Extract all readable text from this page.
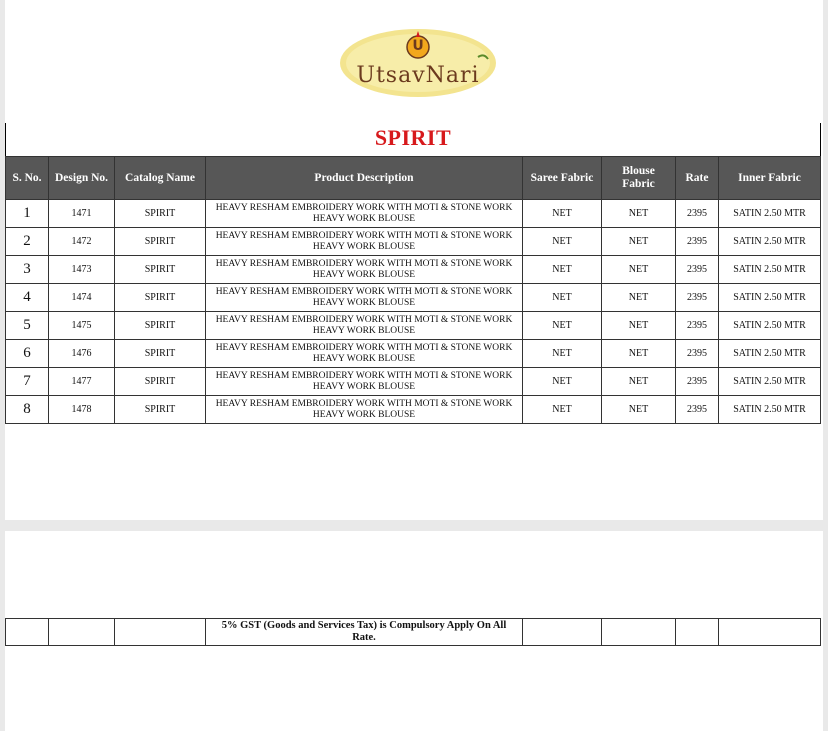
U
UtsavNari
SPIRIT
S. No.	Design No.	Catalog Name	Product Description	Saree Fabric	Blouse Fabric	Rate	Inner Fabric
1	1471	SPIRIT	HEAVY RESHAM EMBROIDERY WORK WITH MOTI & STONE WORK HEAVY WORK BLOUSE	NET	NET	2395	SATIN 2.50 MTR
2	1472	SPIRIT	HEAVY RESHAM EMBROIDERY WORK WITH MOTI & STONE WORK HEAVY WORK BLOUSE	NET	NET	2395	SATIN 2.50 MTR
3	1473	SPIRIT	HEAVY RESHAM EMBROIDERY WORK WITH MOTI & STONE WORK HEAVY WORK BLOUSE	NET	NET	2395	SATIN 2.50 MTR
4	1474	SPIRIT	HEAVY RESHAM EMBROIDERY WORK WITH MOTI & STONE WORK HEAVY WORK BLOUSE	NET	NET	2395	SATIN 2.50 MTR
5	1475	SPIRIT	HEAVY RESHAM EMBROIDERY WORK WITH MOTI & STONE WORK HEAVY WORK BLOUSE	NET	NET	2395	SATIN 2.50 MTR
6	1476	SPIRIT	HEAVY RESHAM EMBROIDERY WORK WITH MOTI & STONE WORK HEAVY WORK BLOUSE	NET	NET	2395	SATIN 2.50 MTR
7	1477	SPIRIT	HEAVY RESHAM EMBROIDERY WORK WITH MOTI & STONE WORK HEAVY WORK BLOUSE	NET	NET	2395	SATIN 2.50 MTR
8	1478	SPIRIT	HEAVY RESHAM EMBROIDERY WORK WITH MOTI & STONE WORK HEAVY WORK BLOUSE	NET	NET	2395	SATIN 2.50 MTR
			5% GST (Goods and Services Tax) is Compulsory Apply On All Rate.				
